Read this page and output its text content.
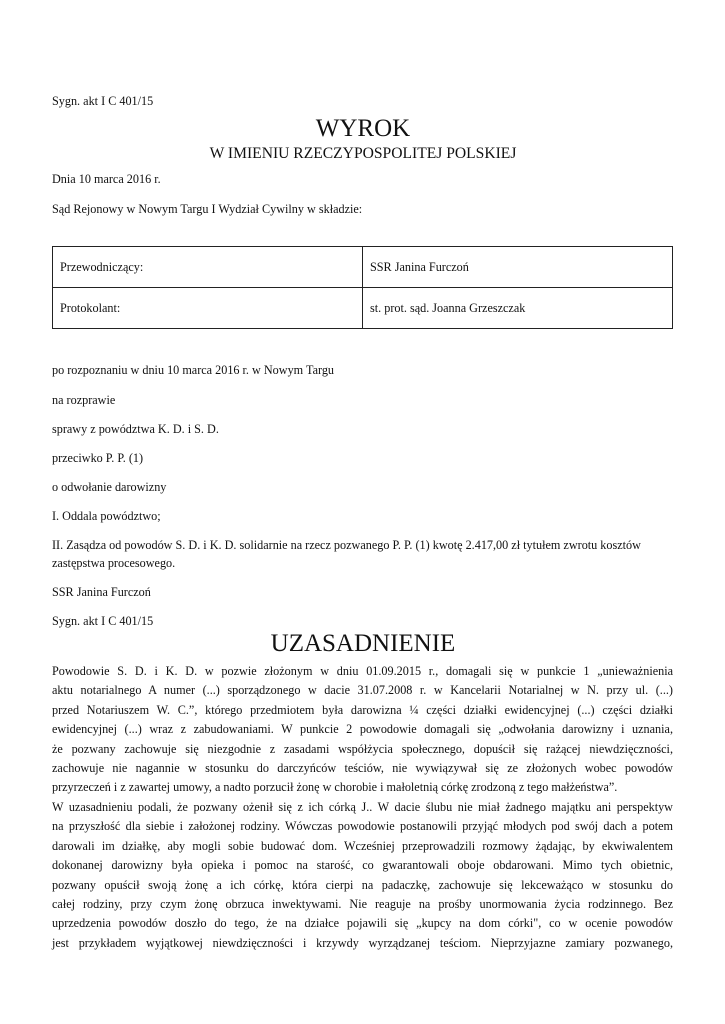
Sygn. akt I C 401/15
WYROK
W IMIENIU RZECZYPOSPOLITEJ POLSKIEJ
Dnia 10 marca 2016 r.
Sąd Rejonowy w Nowym Targu I Wydział Cywilny w składzie:
Przewodniczący:	SSR Janina Furczoń
Protokolant:	st. prot. sąd. Joanna Grzeszczak
po rozpoznaniu w dniu 10 marca 2016 r. w Nowym Targu
na rozprawie
sprawy z powództwa K. D. i S. D.
przeciwko P. P. (1)
o odwołanie darowizny
I. Oddala powództwo;
II. Zasądza od powodów S. D. i K. D. solidarnie na rzecz pozwanego P. P. (1) kwotę 2.417,00 zł tytułem zwrotu kosztów
zastępstwa procesowego.
SSR Janina Furczoń
Sygn. akt I C 401/15
UZASADNIENIE
Powodowie S. D. i K. D. w pozwie złożonym w dniu 01.09.2015 r., domagali się w punkcie 1 „unieważnienia
aktu notarialnego A numer (...) sporządzonego w dacie 31.07.2008 r. w Kancelarii Notarialnej w N. przy ul. (...)
przed Notariuszem W. C.”, którego przedmiotem była darowizna ¼ części działki ewidencyjnej (...) części działki
ewidencyjnej (...) wraz z zabudowaniami. W punkcie 2 powodowie domagali się „odwołania darowizny i uznania,
że pozwany zachowuje się niezgodnie z zasadami współżycia społecznego, dopuścił się rażącej niewdzięczności,
zachowuje nie nagannie w stosunku do darczyńców teściów, nie wywiązywał się ze złożonych wobec powodów
przyrzeczeń i z zawartej umowy, a nadto porzucił żonę w chorobie i małoletnią córkę zrodzoną z tego małżeństwa”.
W uzasadnieniu podali, że pozwany ożenił się z ich córką J.. W dacie ślubu nie miał żadnego majątku ani perspektyw
na przyszłość dla siebie i założonej rodziny. Wówczas powodowie postanowili przyjąć młodych pod swój dach a potem
darowali im działkę, aby mogli sobie budować dom. Wcześniej przeprowadzili rozmowy żądając, by ekwiwalentem
dokonanej darowizny była opieka i pomoc na starość, co gwarantowali oboje obdarowani. Mimo tych obietnic,
pozwany opuścił swoją żonę a ich córkę, która cierpi na padaczkę, zachowuje się lekceważąco w stosunku do
całej rodziny, przy czym żonę obrzuca inwektywami. Nie reaguje na prośby unormowania życia rodzinnego. Bez
uprzedzenia powodów doszło do tego, że na działce pojawili się „kupcy na dom córki", co w ocenie powodów
jest przykładem wyjątkowej niewdzięczności i krzywdy wyrządzanej teściom. Nieprzyjazne zamiary pozwanego,
